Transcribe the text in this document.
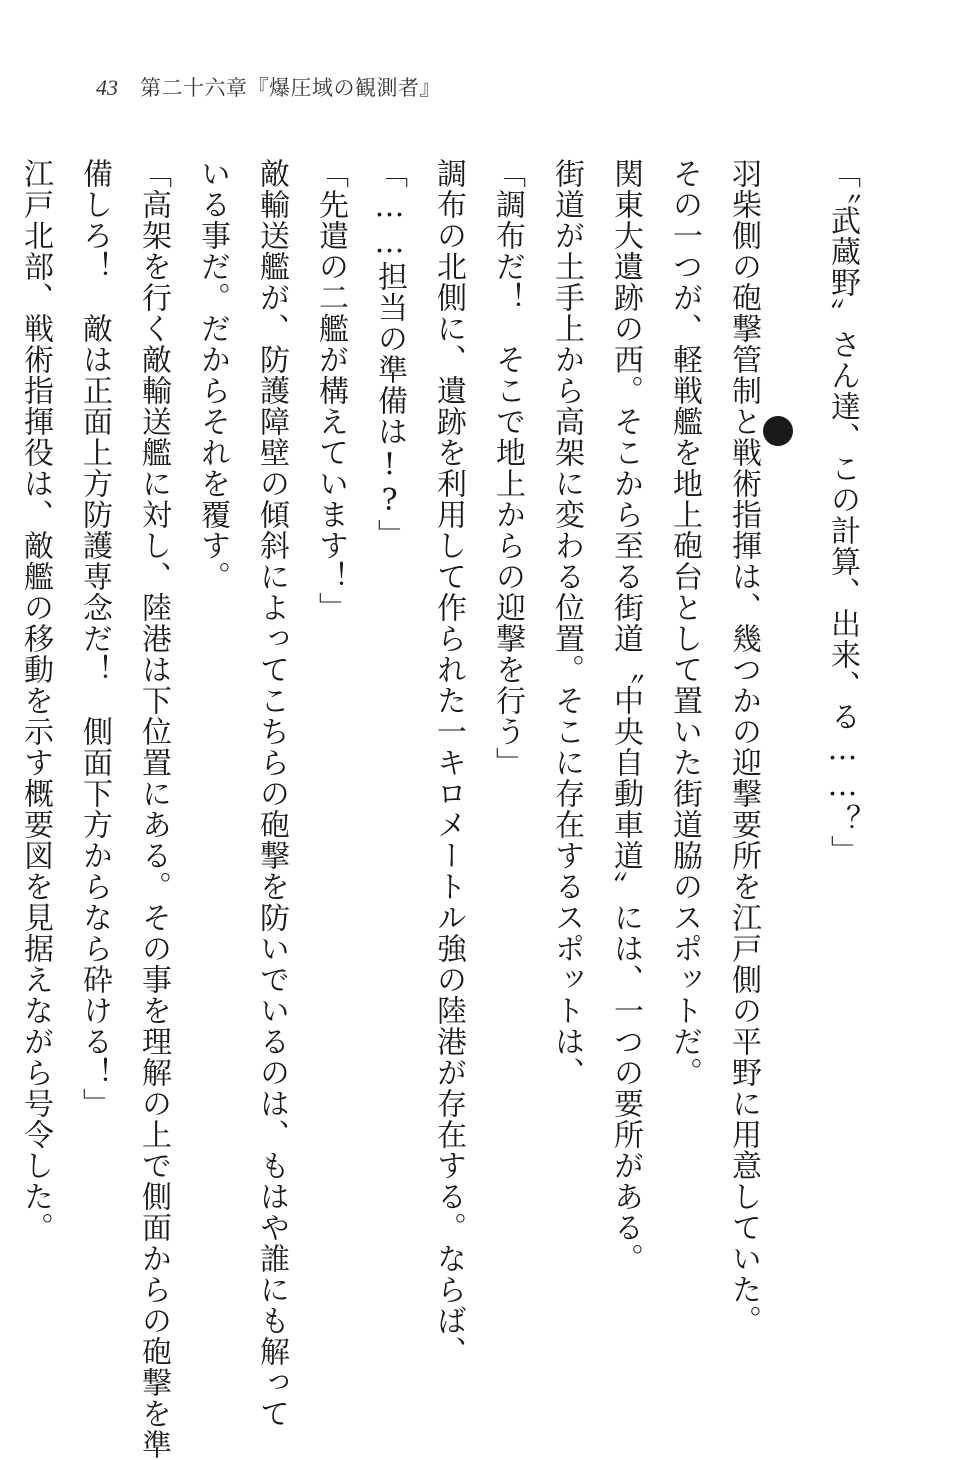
43 第二十六章『爆圧域の観測者』

「〝武蔵野〟さん達、この計算、出来、る……？」

羽柴側の砲撃管制と戦術指揮は、幾つかの迎撃要所を江戸側の平野に用意していた。

その一つが、軽戦艦を地上砲台として置いた街道脇のスポットだ。

関東大遺跡の西。そこから至る街道〝中央自動車道〟には、一つの要所がある。

街道が土手上から高架に変わる位置。そこに存在するスポットは、

「調布だ！　そこで地上からの迎撃を行う」

調布の北側に、遺跡を利用して作られた一キロメートル強の陸港が存在する。ならば、

「……担当の準備は!?」

「先遣の二艦が構えています！」

敵輸送艦が、防護障壁の傾斜によってこちらの砲撃を防いでいるのは、もはや誰にも解って

いる事だ。だからそれを覆す。

「高架を行く敵輸送艦に対し、陸港は下位置にある。その事を理解の上で側面からの砲撃を準

備しろ！　敵は正面上方防護専念だ！　側面下方からなら砕ける！」

江戸北部、戦術指揮役は、敵艦の移動を示す概要図を見据えながら号令した。
